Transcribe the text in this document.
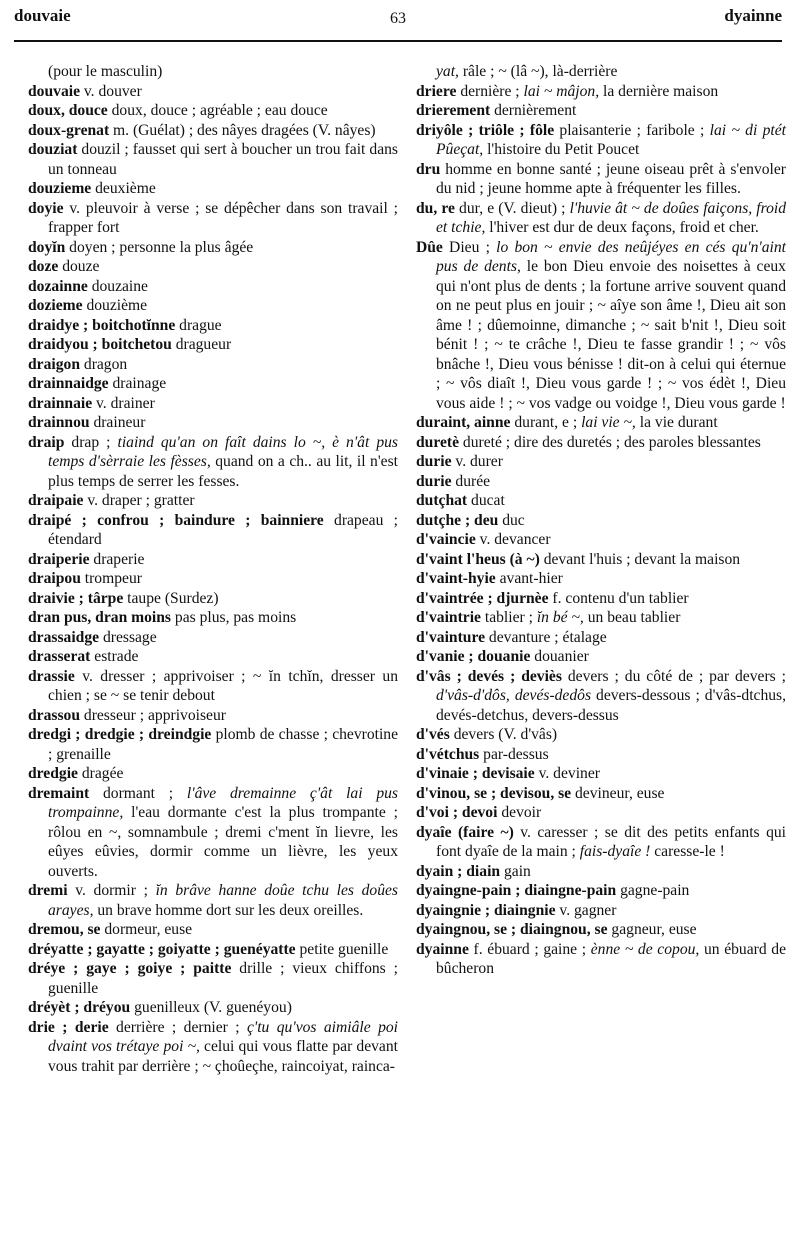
douvaie	63	dyainne
(pour le masculin)
douvaie v. douver
doux, douce doux, douce ; agréable ; eau douce
doux-grenat m. (Guélat) ; des nâyes dragées (V. nâyes)
douziat douzil ; fausset qui sert à boucher un trou fait dans un tonneau
douzieme deuxième
doyie v. pleuvoir à verse ; se dépêcher dans son travail ; frapper fort
doyĭn doyen ; personne la plus âgée
doze douze
dozainne douzaine
dozieme douzième
draidye ; boitchotĭnne drague
draidyou ; boitchetou dragueur
draigon dragon
drainnaidge drainage
drainnaie v. drainer
drainnou draineur
draip drap ; tiaind qu'an on faît dains lo ~, è n'ât pus temps d'sèrraie les fèsses, quand on a ch.. au lit, il n'est plus temps de serrer les fesses.
draipaie v. draper ; gratter
draipé ; confrou ; baindure ; bainniere drapeau ; étendard
draiperie draperie
draipou trompeur
draivie ; târpe taupe (Surdez)
dran pus, dran moins pas plus, pas moins
drassaidge dressage
drasserat estrade
drassie v. dresser ; apprivoiser ; ~ ĭn tchĭn, dresser un chien ; se ~ se tenir debout
drassou dresseur ; apprivoiseur
dredgi ; dredgie ; dreindgie plomb de chasse ; chevrotine ; grenaille
dredgie dragée
dremaint dormant ; l'âve dremainne ç'ât lai pus trompainne, l'eau dormante c'est la plus trompante ; rôlou en ~, somnambule ; dremi c'ment ĭn lievre, les eûyes eûvies, dormir comme un lièvre, les yeux ouverts.
dremi v. dormir ; ĭn brâve hanne doûe tchu les doûes arayes, un brave homme dort sur les deux oreilles.
dremou, se dormeur, euse
dréyatte ; gayatte ; goiyatte ; guenéyatte petite guenille
dréye ; gaye ; goiye ; paitte drille ; vieux chiffons ; guenille
dréyèt ; dréyou guenilleux (V. guenéyou)
drie ; derie derrière ; dernier ; ç'tu qu'vos aimiâle poi dvaint vos trétaye poi ~, celui qui vous flatte par devant vous trahit par derrière ; ~ çhoûeçhe, raincoiyat, rainca-
yat, râle ; ~ (lâ ~), là-derrière
driere dernière ; lai ~ mâjon, la dernière maison
drierement dernièrement
driyôle ; triôle ; fôle plaisanterie ; faribole ; lai ~ di ptét Pûeçat, l'histoire du Petit Poucet
dru homme en bonne santé ; jeune oiseau prêt à s'envoler du nid ; jeune homme apte à fréquenter les filles.
du, re dur, e (V. dieut) ; l'huvie ât ~ de doûes faiçons, froid et tchie, l'hiver est dur de deux façons, froid et cher.
Dûe Dieu ; lo bon ~ envie des neûjéyes en cés qu'n'aint pus de dents, le bon Dieu envoie des noisettes à ceux qui n'ont plus de dents ; la fortune arrive souvent quand on ne peut plus en jouir ; ~ aîye son âme !, Dieu ait son âme ! ; dûemoinne, dimanche ; ~ sait b'nit !, Dieu soit bénit ! ; ~ te crâche !, Dieu te fasse grandir ! ; ~ vôs bnâche !, Dieu vous bénisse ! dit-on à celui qui éternue ; ~ vôs diaît !, Dieu vous garde ! ; ~ vos édèt !, Dieu vous aide ! ; ~ vos vadge ou voidge !, Dieu vous garde !
duraint, ainne durant, e ; lai vie ~, la vie durant
duretè dureté ; dire des duretés ; des paroles blessantes
durie v. durer
durie durée
dutçhat ducat
dutçhe ; deu duc
d'vaincie v. devancer
d'vaint l'heus (à ~) devant l'huis ; devant la maison
d'vaint-hyie avant-hier
d'vaintrée ; djurnèe f. contenu d'un tablier
d'vaintrie tablier ; ĭn bé ~, un beau tablier
d'vainture devanture ; étalage
d'vanie ; douanie douanier
d'vâs ; devés ; deviès devers ; du côté de ; par devers ; d'vâs-d'dôs, devés-dedôs devers-dessous ; d'vâs-dtchus, devés-detchus, devers-dessus
d'vés devers (V. d'vâs)
d'vétchus par-dessus
d'vinaie ; devisaie v. deviner
d'vinou, se ; devisou, se devineur, euse
d'voi ; devoi devoir
dyaîe (faire ~) v. caresser ; se dit des petits enfants qui font dyaîe de la main ; fais-dyaîe ! caresse-le !
dyain ; diain gain
dyaingne-pain ; diaingne-pain gagne-pain
dyaingnie ; diaingnie v. gagner
dyaingnou, se ; diaingnou, se gagneur, euse
dyainne f. ébuard ; gaine ; ènne ~ de copou, un ébuard de bûcheron
